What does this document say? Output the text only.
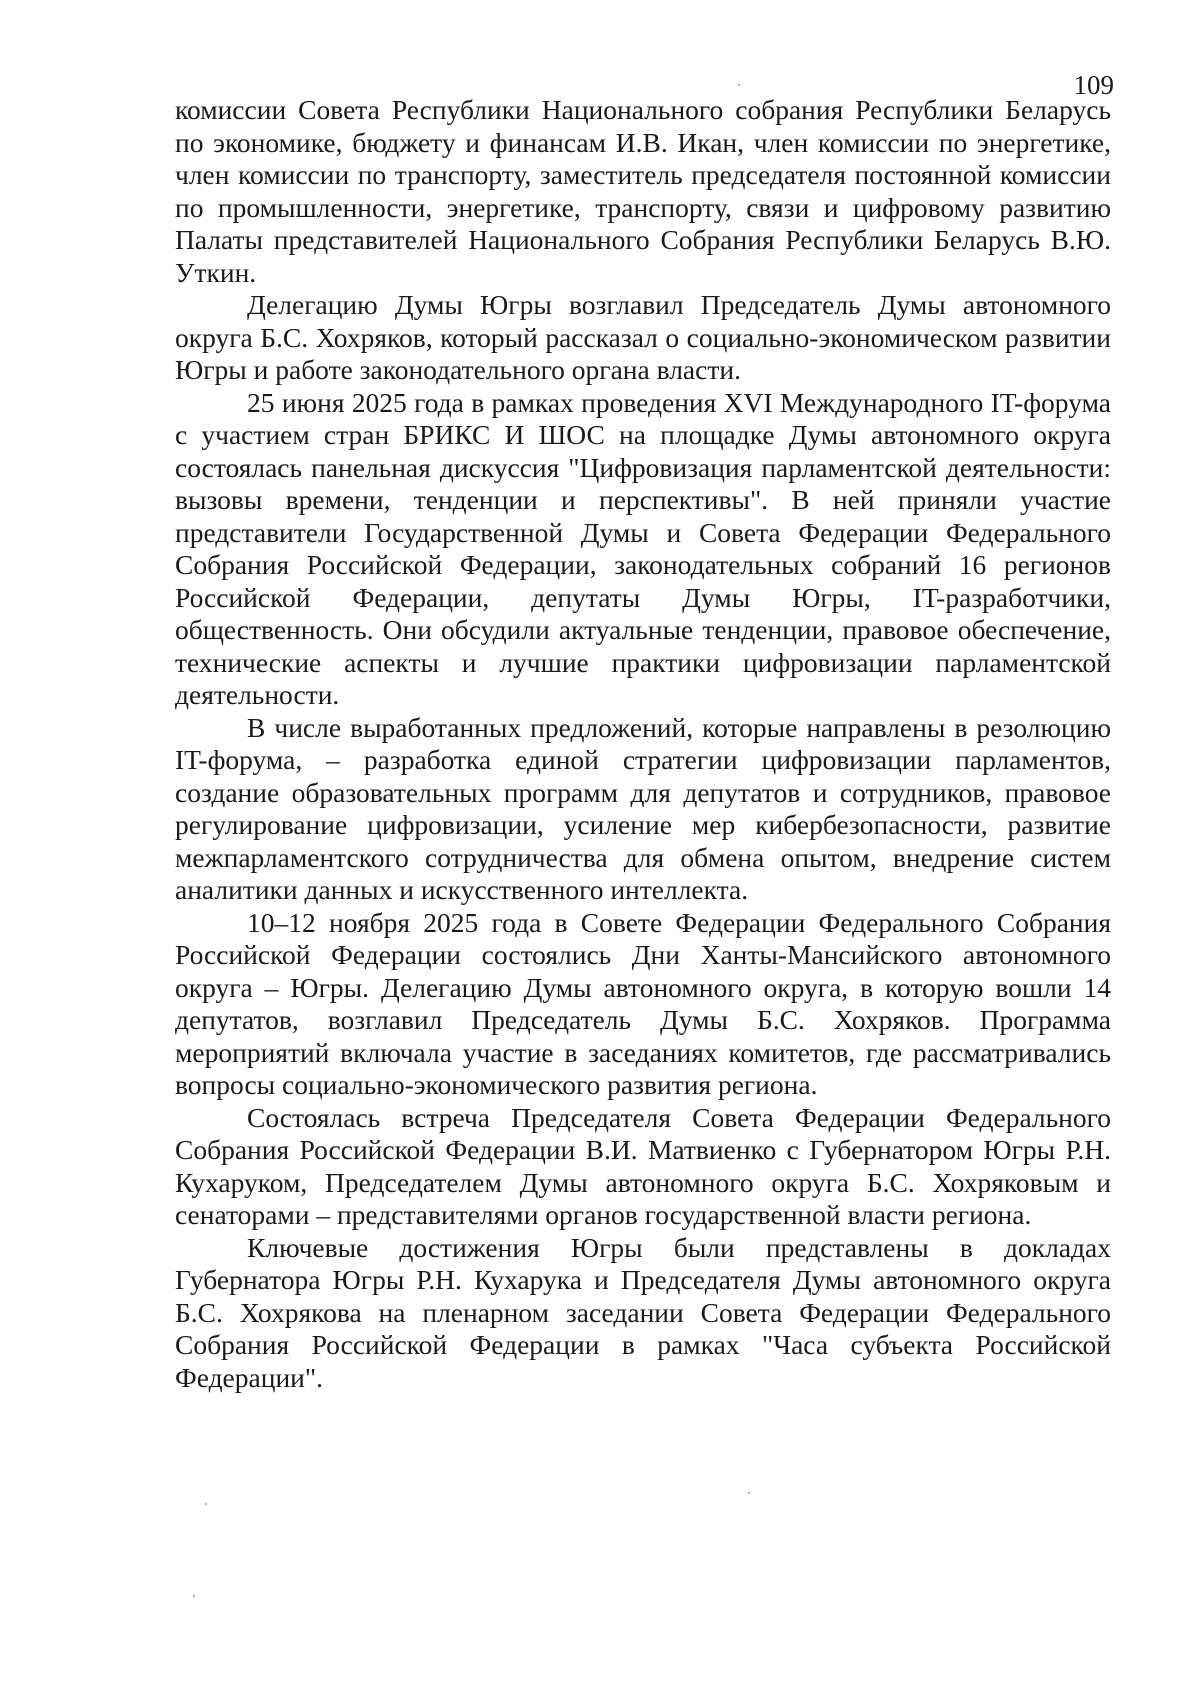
109

комиссии Совета Республики Национального собрания Республики Беларусь по экономике, бюджету и финансам И.В. Икан, член комиссии по энергетике, член комиссии по транспорту, заместитель председателя постоянной комиссии по промышленности, энергетике, транспорту, связи и цифровому развитию Палаты представителей Национального Собрания Республики Беларусь В.Ю. Уткин.

Делегацию Думы Югры возглавил Председатель Думы автономного округа Б.С. Хохряков, который рассказал о социально-экономическом развитии Югры и работе законодательного органа власти.

25 июня 2025 года в рамках проведения XVI Международного IT-форума с участием стран БРИКС И ШОС на площадке Думы автономного округа состоялась панельная дискуссия "Цифровизация парламентской деятельности: вызовы времени, тенденции и перспективы". В ней приняли участие представители Государственной Думы и Совета Федерации Федерального Собрания Российской Федерации, законодательных собраний 16 регионов Российской Федерации, депутаты Думы Югры, IT-разработчики, общественность. Они обсудили актуальные тенденции, правовое обеспечение, технические аспекты и лучшие практики цифровизации парламентской деятельности.

В числе выработанных предложений, которые направлены в резолюцию IT-форума, – разработка единой стратегии цифровизации парламентов, создание образовательных программ для депутатов и сотрудников, правовое регулирование цифровизации, усиление мер кибербезопасности, развитие межпарламентского сотрудничества для обмена опытом, внедрение систем аналитики данных и искусственного интеллекта.

10–12 ноября 2025 года в Совете Федерации Федерального Собрания Российской Федерации состоялись Дни Ханты-Мансийского автономного округа – Югры. Делегацию Думы автономного округа, в которую вошли 14 депутатов, возглавил Председатель Думы Б.С. Хохряков. Программа мероприятий включала участие в заседаниях комитетов, где рассматривались вопросы социально-экономического развития региона.

Состоялась встреча Председателя Совета Федерации Федерального Собрания Российской Федерации В.И. Матвиенко с Губернатором Югры Р.Н. Кухаруком, Председателем Думы автономного округа Б.С. Хохряковым и сенаторами – представителями органов государственной власти региона.

Ключевые достижения Югры были представлены в докладах Губернатора Югры Р.Н. Кухарука и Председателя Думы автономного округа Б.С. Хохрякова на пленарном заседании Совета Федерации Федерального Собрания Российской Федерации в рамках "Часа субъекта Российской Федерации".
